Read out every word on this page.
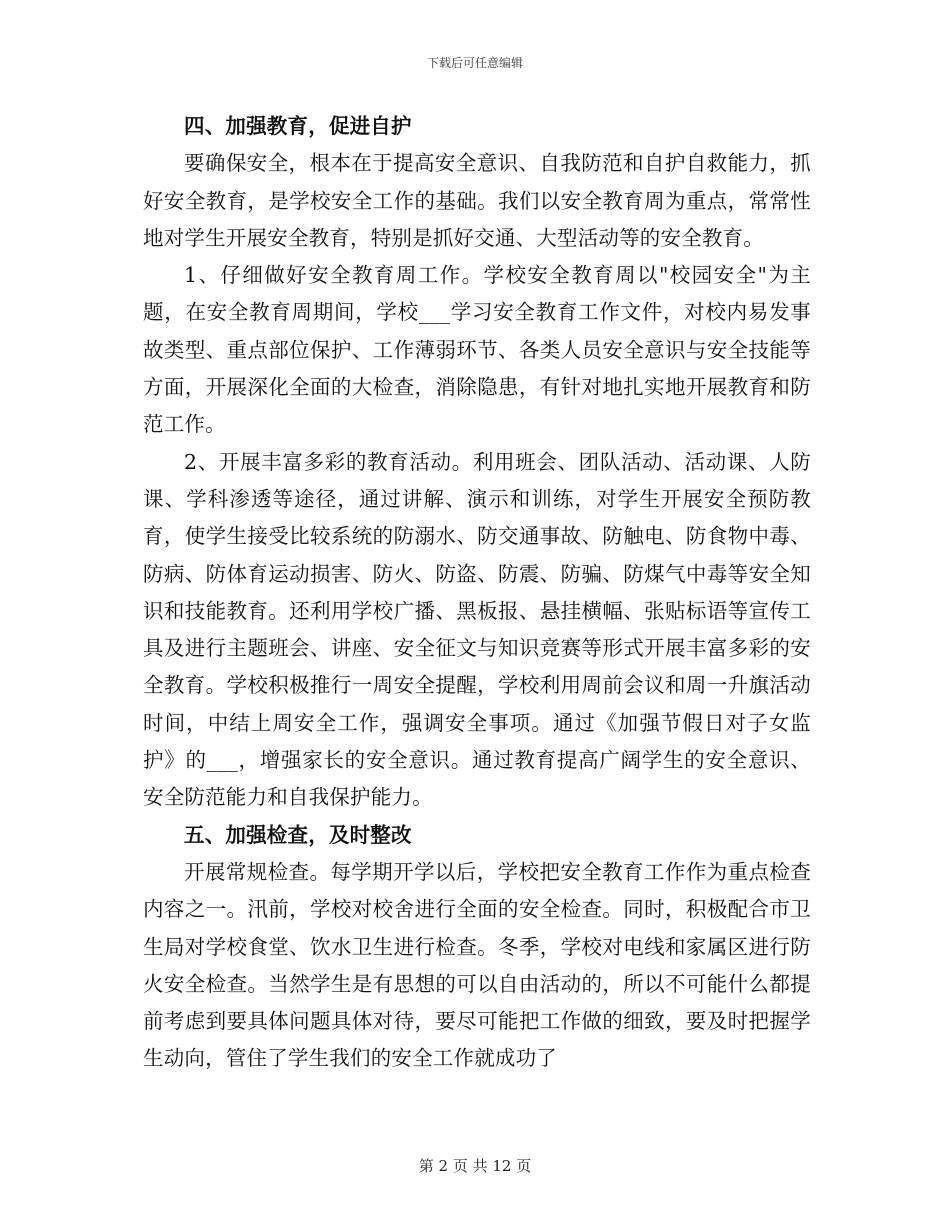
下载后可任意编辑
四、加强教育，促进自护

要确保安全，根本在于提高安全意识、自我防范和自护自救能力，抓好安全教育，是学校安全工作的基础。我们以安全教育周为重点，常常性地对学生开展安全教育，特别是抓好交通、大型活动等的安全教育。

1、仔细做好安全教育周工作。学校安全教育周以"校园安全"为主题，在安全教育周期间，学校___学习安全教育工作文件，对校内易发事故类型、重点部位保护、工作薄弱环节、各类人员安全意识与安全技能等方面，开展深化全面的大检查，消除隐患，有针对地扎实地开展教育和防范工作。

2、开展丰富多彩的教育活动。利用班会、团队活动、活动课、人防课、学科渗透等途径，通过讲解、演示和训练，对学生开展安全预防教育，使学生接受比较系统的防溺水、防交通事故、防触电、防食物中毒、防病、防体育运动损害、防火、防盗、防震、防骗、防煤气中毒等安全知识和技能教育。还利用学校广播、黑板报、悬挂横幅、张贴标语等宣传工具及进行主题班会、讲座、安全征文与知识竞赛等形式开展丰富多彩的安全教育。学校积极推行一周安全提醒，学校利用周前会议和周一升旗活动时间，中结上周安全工作，强调安全事项。通过《加强节假日对子女监护》的___，增强家长的安全意识。通过教育提高广阔学生的安全意识、安全防范能力和自我保护能力。

五、加强检查，及时整改

开展常规检查。每学期开学以后，学校把安全教育工作作为重点检查内容之一。汛前，学校对校舍进行全面的安全检查。同时，积极配合市卫生局对学校食堂、饮水卫生进行检查。冬季，学校对电线和家属区进行防火安全检查。当然学生是有思想的可以自由活动的，所以不可能什么都提前考虑到要具体问题具体对待，要尽可能把工作做的细致，要及时把握学生动向，管住了学生我们的安全工作就成功了

第 2 页 共 12 页
